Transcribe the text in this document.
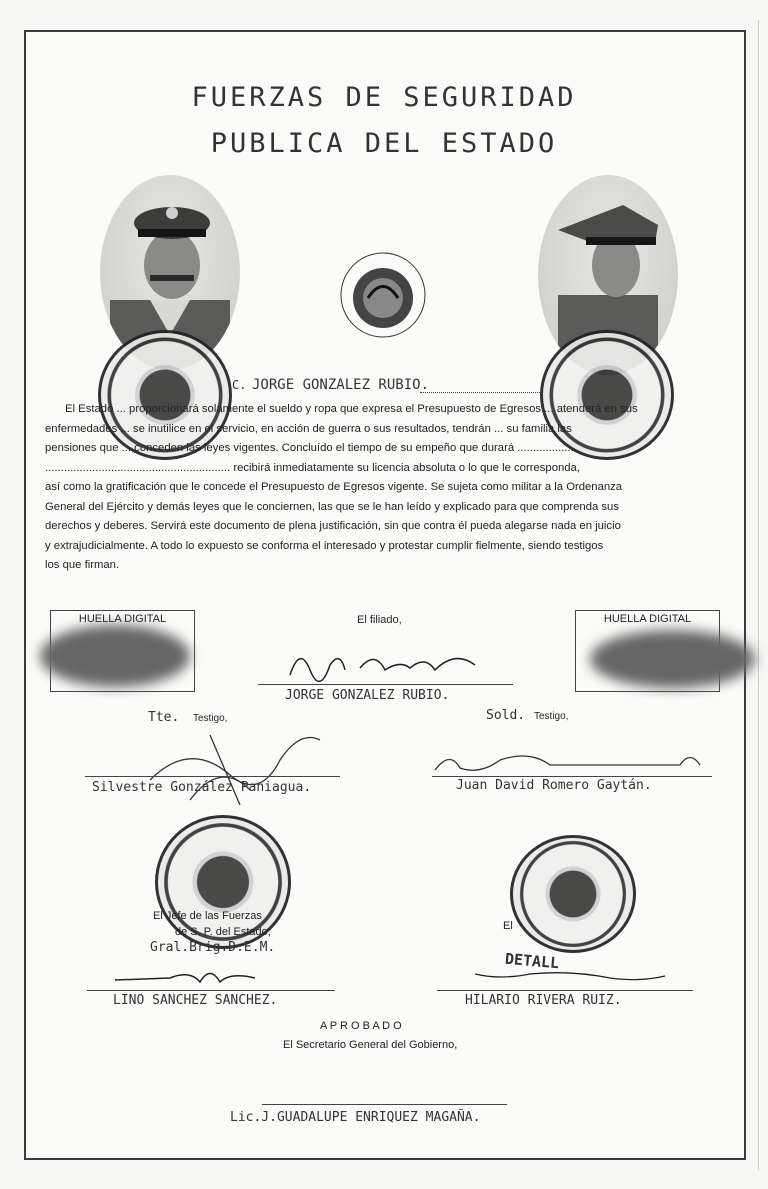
FUERZAS DE SEGURIDAD
PUBLICA DEL ESTADO
C. JORGE GONZALEZ RUBIO.

El Estado ... proporcionará solamente el sueldo y ropa que expresa el Presupuesto de Egresos ... atenderá en sus

enfermedades ... se inutilice en el servicio, en acción de guerra o sus resultados, tendrán ... su familia las

pensiones que ... conceden las leyes vigentes. Concluído el tiempo de su empeño que durará ..................

........................................................... recibirá inmediatamente su licencia absoluta o lo que le corresponda,

así como la gratificación que le concede el Presupuesto de Egresos vigente. Se sujeta como militar a la Ordenanza

General del Ejército y demás leyes que le conciernen, las que se le han leído y explicado para que comprenda sus

derechos y deberes. Servirá este documento de plena justificación, sin que contra él pueda alegarse nada en juicio

y extrajudicialmente. A todo lo expuesto se conforma el interesado y protestar cumplir fielmente, siendo testigos

los que firman.

HUELLA DIGITAL	HUELLA DIGITAL
El filiado,
JORGE GONZALEZ RUBIO.
Tte. Testigo,
Silvestre González Paniagua.
Sold. Testigo,
Juan David Romero Gaytán.
El Jefe de las Fuerzas
de S. P. del Estado,
Gral.Brig.D.E.M.
LINO SANCHEZ SANCHEZ.
El
DETALL
HILARIO RIVERA RUIZ.
A P R O B A D O
El Secretario General del Gobierno,
Lic.J.GUADALUPE ENRIQUEZ MAGAÑA.
